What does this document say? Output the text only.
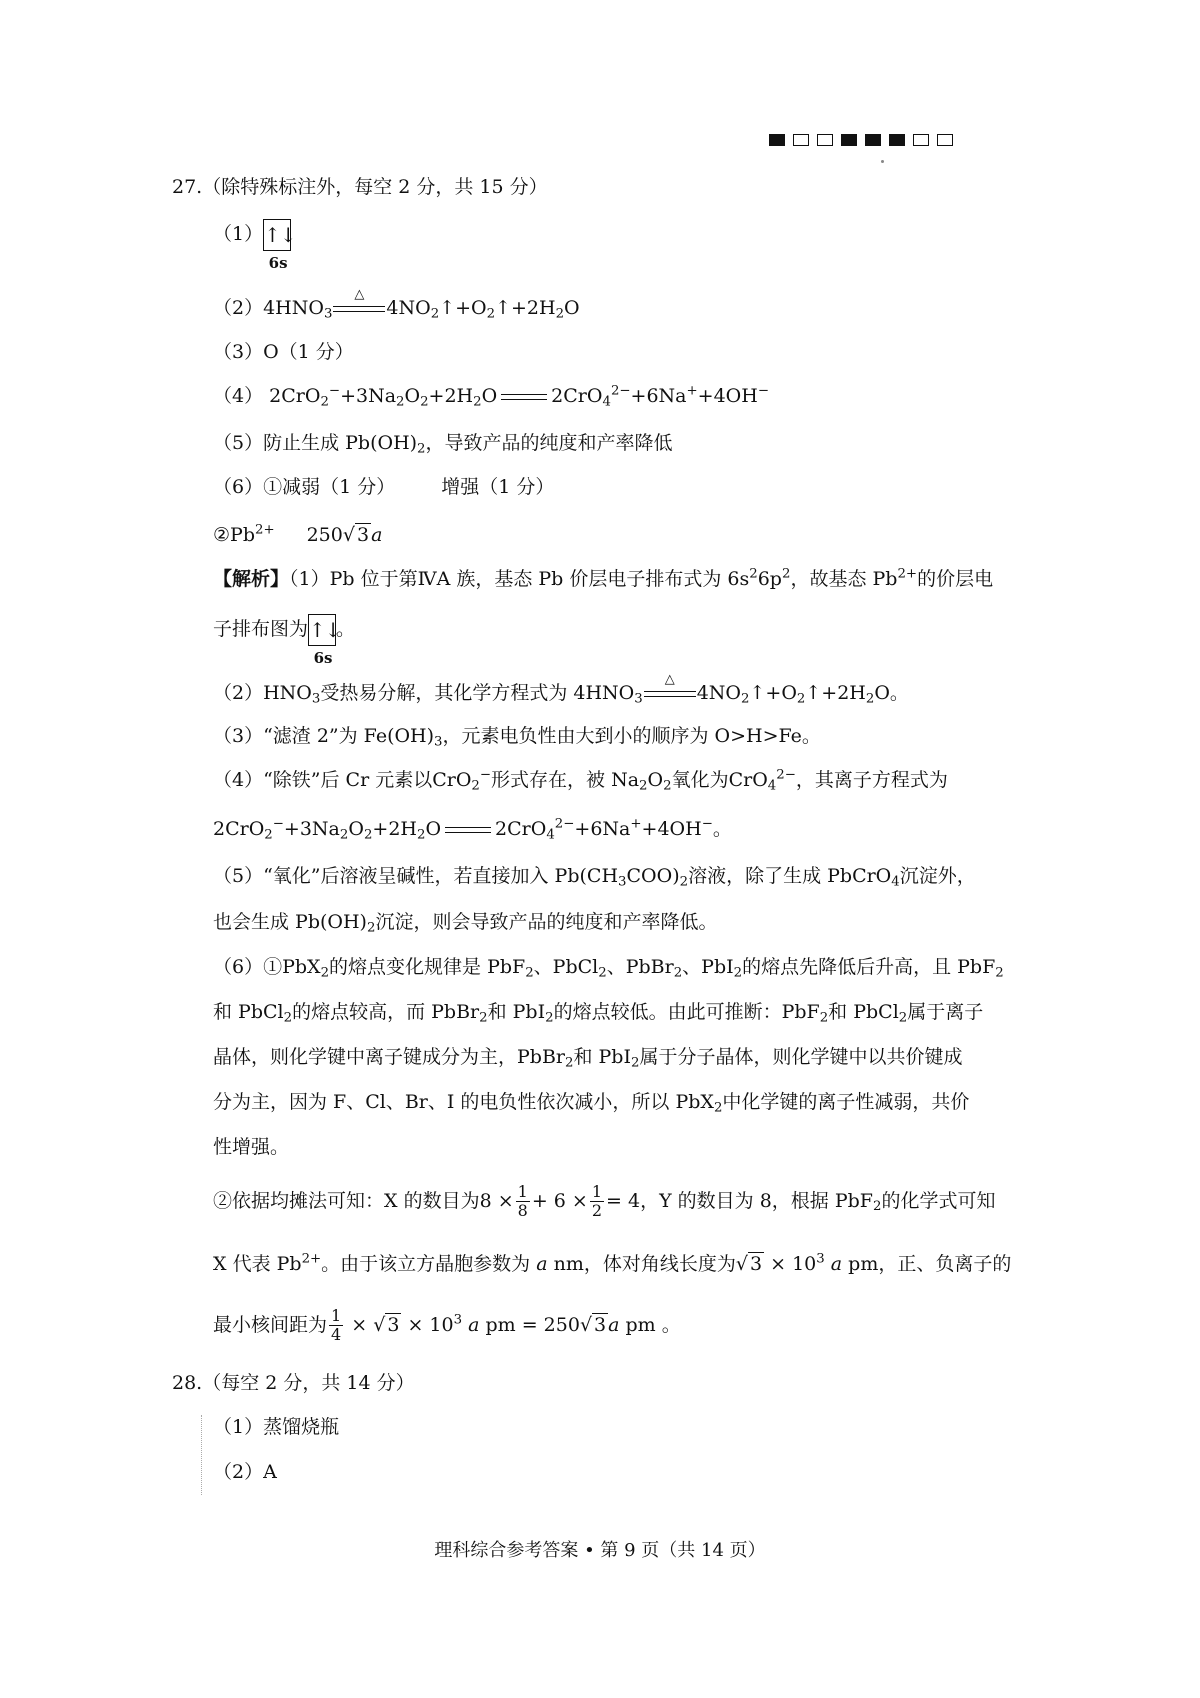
27.（除特殊标注外，每空 2 分，共 15 分）
（1）↑↓
6s
$(2)4HNO_3$
△
$4NO_2↑+O_2↑+2H_2O$
（3）O（1 分）
（4） $2CrO_2^-+3Na_2O_2+2H_2O$	2CrO$_4^{2-}$+6Na++4OH−
（5）防止生成 $Pb(OH)_2$，导致产品的纯度和产率降低
（6）①减弱（1 分） 增强（1 分）
$②Pb^{2+}$ 250√ 3 a
【解析】（1）Pb 位于第ⅣA 族，基态 Pb 价层电子排布式为 $6s^26p^2$，故基态 $Pb^{2+}$的价层电
子排布图为↑↓
6s
。
$(2)HNO_3$受热易分解，其化学方程式为 $4HNO_3$
△
$4NO_2↑+O_2↑+2H_2O$。
（3）“滤渣 2”为 $Fe(OH)_3$，元素电负性由大到小的顺序为 O>H>Fe。
（4）“除铁”后 Cr 元素以CrO$_2$−形式存在，被 $Na_2O_2$氧化为CrO$_4^{2-}$，其离子方程式为
$2CrO_2^-+3Na_2O_2+2H_2O$	2CrO$_4^{2-}$+6Na++4OH−。
（5）“氧化”后溶液呈碱性，若直接加入 $Pb(CH_3COO)_2$溶液，除了生成 PbCrO$_4$沉淀外，
也会生成 $Pb(OH)_2$沉淀，则会导致产品的纯度和产率降低。
（6）①PbX$_2$的熔点变化规律是 PbF$_2$、PbCl$_2$、PbBr$_2$、PbI$_2$的熔点先降低后升高，且 PbF$_2$
和 PbCl$_2$的熔点较高，而 PbBr$_2$和 PbI$_2$的熔点较低。由此可推断：PbF$_2$和 PbCl$_2$属于离子
晶体，则化学键中离子键成分为主，PbBr$_2$和 PbI$_2$属于分子晶体，则化学键中以共价键成
分为主，因为 F、Cl、Br、I 的电负性依次减小，所以 PbX$_2$中化学键的离子性减弱，共价
性增强。
②依据均摊法可知：X 的数目为$8 \times \frac{1}{8} + 6 \times \frac{1}{2} = 4$，Y 的数目为 8，根据 PbF$_2$的化学式可知
X 代表 $Pb^{2+}$。由于该立方晶胞参数为 a nm，体对角线长度为√ $3 \times 10^3$ a pm，正、负离子的
最小核间距为 $\frac{1}{4}$ × √ $3 \times 10^3$ a pm = 250√ 3 a pm 。
28.（每空 2 分，共 14 分）
（1）蒸馏烧瓶
（2）A
理科综合参考答案 • 第 9 页（共 14 页）
